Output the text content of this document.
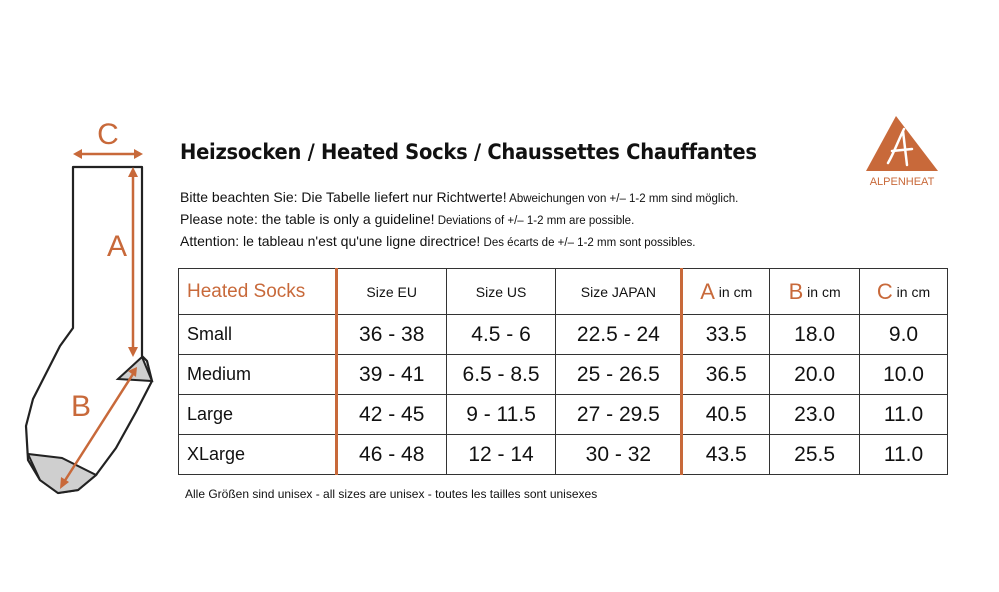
C
A
B
Heizsocken / Heated Socks / Chaussettes Chauffantes
Bitte beachten Sie: Die Tabelle liefert nur Richtwerte! Abweichungen von +/– 1-2 mm sind möglich.
Please note: the table is only a guideline! Deviations of +/– 1-2 mm are possible.
Attention: le tableau n'est qu'une ligne directrice! Des écarts de +/– 1-2 mm sont possibles.
ALPENHEAT
Heated Socks	Size EU	Size US	Size JAPAN	A in cm	B in cm	C in cm
Small	36 - 38	4.5 - 6	22.5 - 24	33.5	18.0	9.0
Medium	39 - 41	6.5 - 8.5	25 - 26.5	36.5	20.0	10.0
Large	42 - 45	9 - 11.5	27 - 29.5	40.5	23.0	11.0
XLarge	46 - 48	12 - 14	30 - 32	43.5	25.5	11.0
Alle Größen sind unisex - all sizes are unisex - toutes les tailles sont unisexes
